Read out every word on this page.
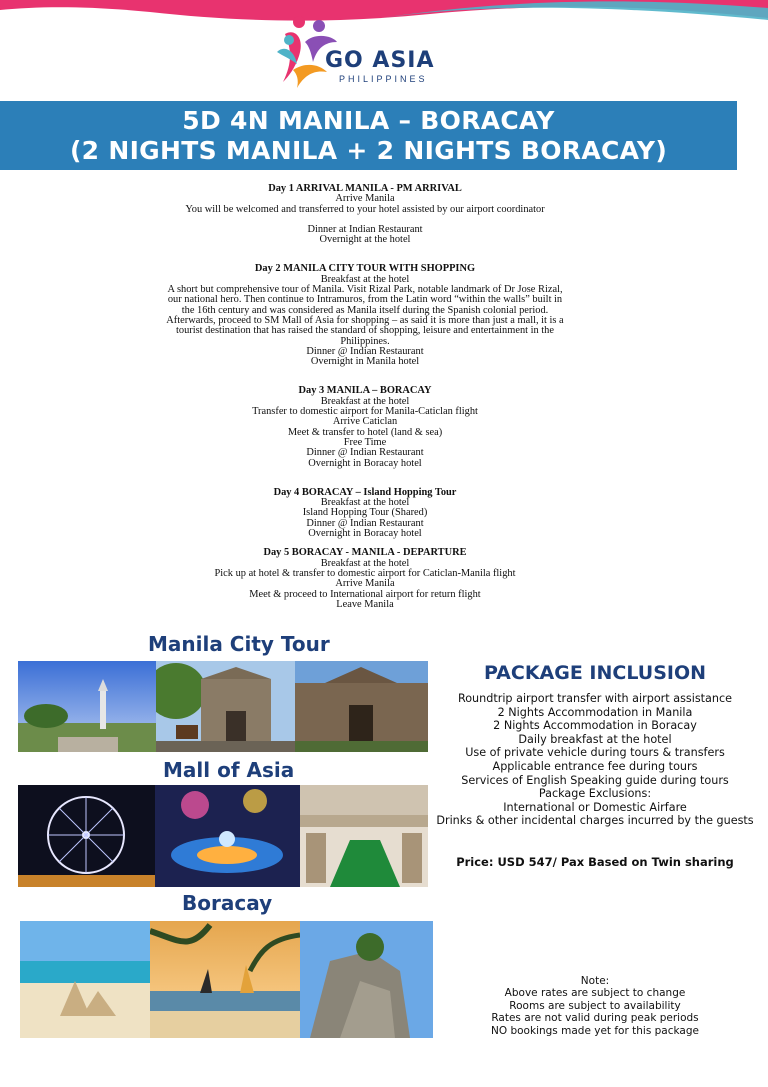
GO ASIA
PHILIPPINES
5D 4N MANILA – BORACAY
(2 NIGHTS MANILA + 2 NIGHTS BORACAY)
Day 1 ARRIVAL MANILA - PM ARRIVAL
Arrive Manila
You will be welcomed and transferred to your hotel assisted by our airport coordinator
Dinner at Indian Restaurant
Overnight at the hotel
Day 2 MANILA CITY TOUR WITH SHOPPING
Breakfast at the hotel
A short but comprehensive tour of Manila. Visit Rizal Park, notable landmark of Dr Jose Rizal,
our national hero. Then continue to Intramuros, from the Latin word “within the walls” built in
the 16th century and was considered as Manila itself during the Spanish colonial period.
Afterwards, proceed to SM Mall of Asia for shopping – as said it is more than just a mall, it is a
tourist destination that has raised the standard of shopping, leisure and entertainment in the
Philippines.
Dinner @ Indian Restaurant
Overnight in Manila hotel
Day 3 MANILA – BORACAY
Breakfast at the hotel
Transfer to domestic airport for Manila-Caticlan flight
Arrive Caticlan
Meet & transfer to hotel (land & sea)
Free Time
Dinner @ Indian Restaurant
Overnight in Boracay hotel
Day 4 BORACAY – Island Hopping Tour
Breakfast at the hotel
Island Hopping Tour (Shared)
Dinner @ Indian Restaurant
Overnight in Boracay hotel
Day 5 BORACAY - MANILA - DEPARTURE
Breakfast at the hotel
Pick up at hotel & transfer to domestic airport for Caticlan-Manila flight
Arrive Manila
Meet & proceed to International airport for return flight
Leave Manila
Manila City Tour
Mall of Asia
Boracay
PACKAGE INCLUSION
Roundtrip airport transfer with airport assistance
2 Nights Accommodation in Manila
2 Nights Accommodation in Boracay
Daily breakfast at the hotel
Use of private vehicle during tours & transfers
Applicable entrance fee during tours
Services of English Speaking guide during tours
Package Exclusions:
International or Domestic Airfare
Drinks & other incidental charges incurred by the guests
Price: USD 547/ Pax Based on Twin sharing
Note:
Above rates are subject to change
Rooms are subject to availability
Rates are not valid during peak periods
NO bookings made yet for this package
